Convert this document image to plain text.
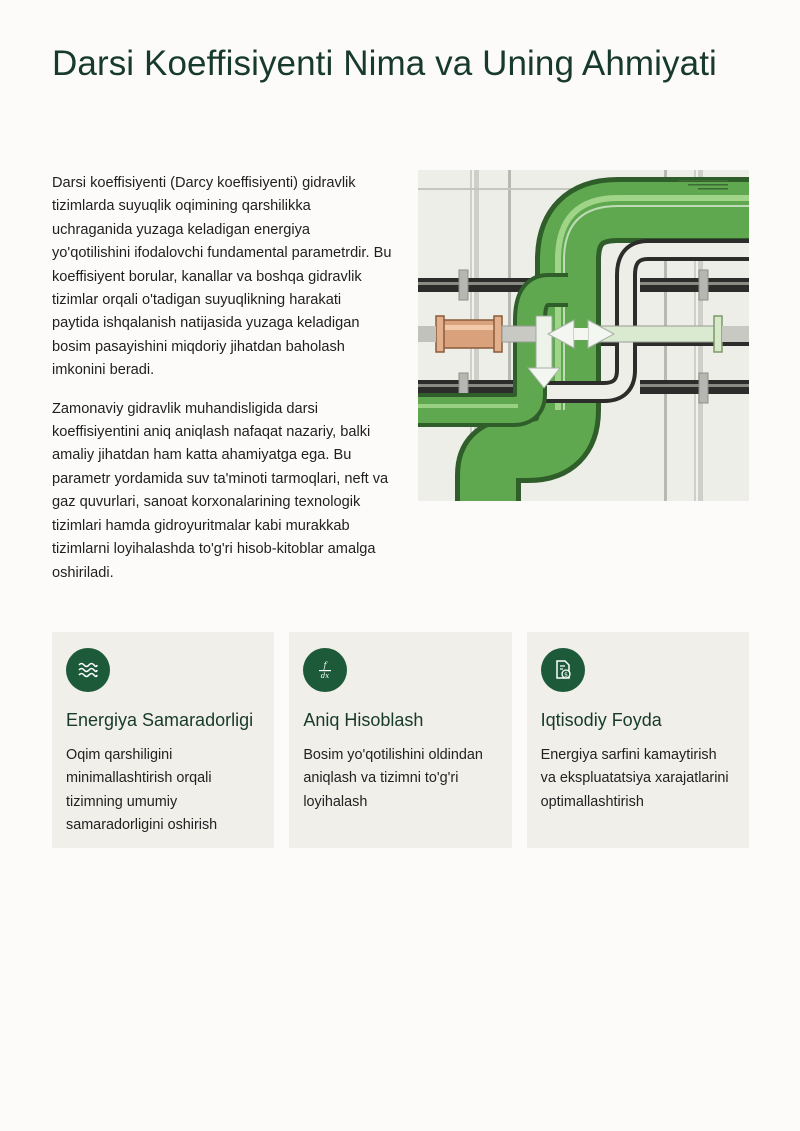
Darsi Koeffisiyenti Nima va Uning Ahmiyati

Darsi koeffisiyenti (Darcy koeffisiyenti) gidravlik tizimlarda suyuqlik oqimining qarshilikka uchraganida yuzaga keladigan energiya yo'qotilishini ifodalovchi fundamental parametrdir. Bu koeffisiyent borular, kanallar va boshqa gidravlik tizimlar orqali o'tadigan suyuqlikning harakati paytida ishqalanish natijasida yuzaga keladigan bosim pasayishini miqdoriy jihatdan baholash imkonini beradi.

Zamonaviy gidravlik muhandisligida darsi koeffisiyentini aniq aniqlash nafaqat nazariy, balki amaliy jihatdan ham katta ahamiyatga ega. Bu parametr yordamida suv ta'minoti tarmoqlari, neft va gaz quvurlari, sanoat korxonalarining texnologik tizimlari hamda gidroyuritmalar kabi murakkab tizimlarni loyihalashda to'g'ri hisob-kitoblar amalga oshiriladi.

Energiya Samaradorligi
Oqim qarshiligini minimallashtirish orqali tizimning umumiy samaradorligini oshirish
f
dx
Aniq Hisoblash
Bosim yo'qotilishini oldindan aniqlash va tizimni to'g'ri loyihalash
$
Iqtisodiy Foyda
Energiya sarfini kamaytirish va ekspluatatsiya xarajatlarini optimallashtirish
